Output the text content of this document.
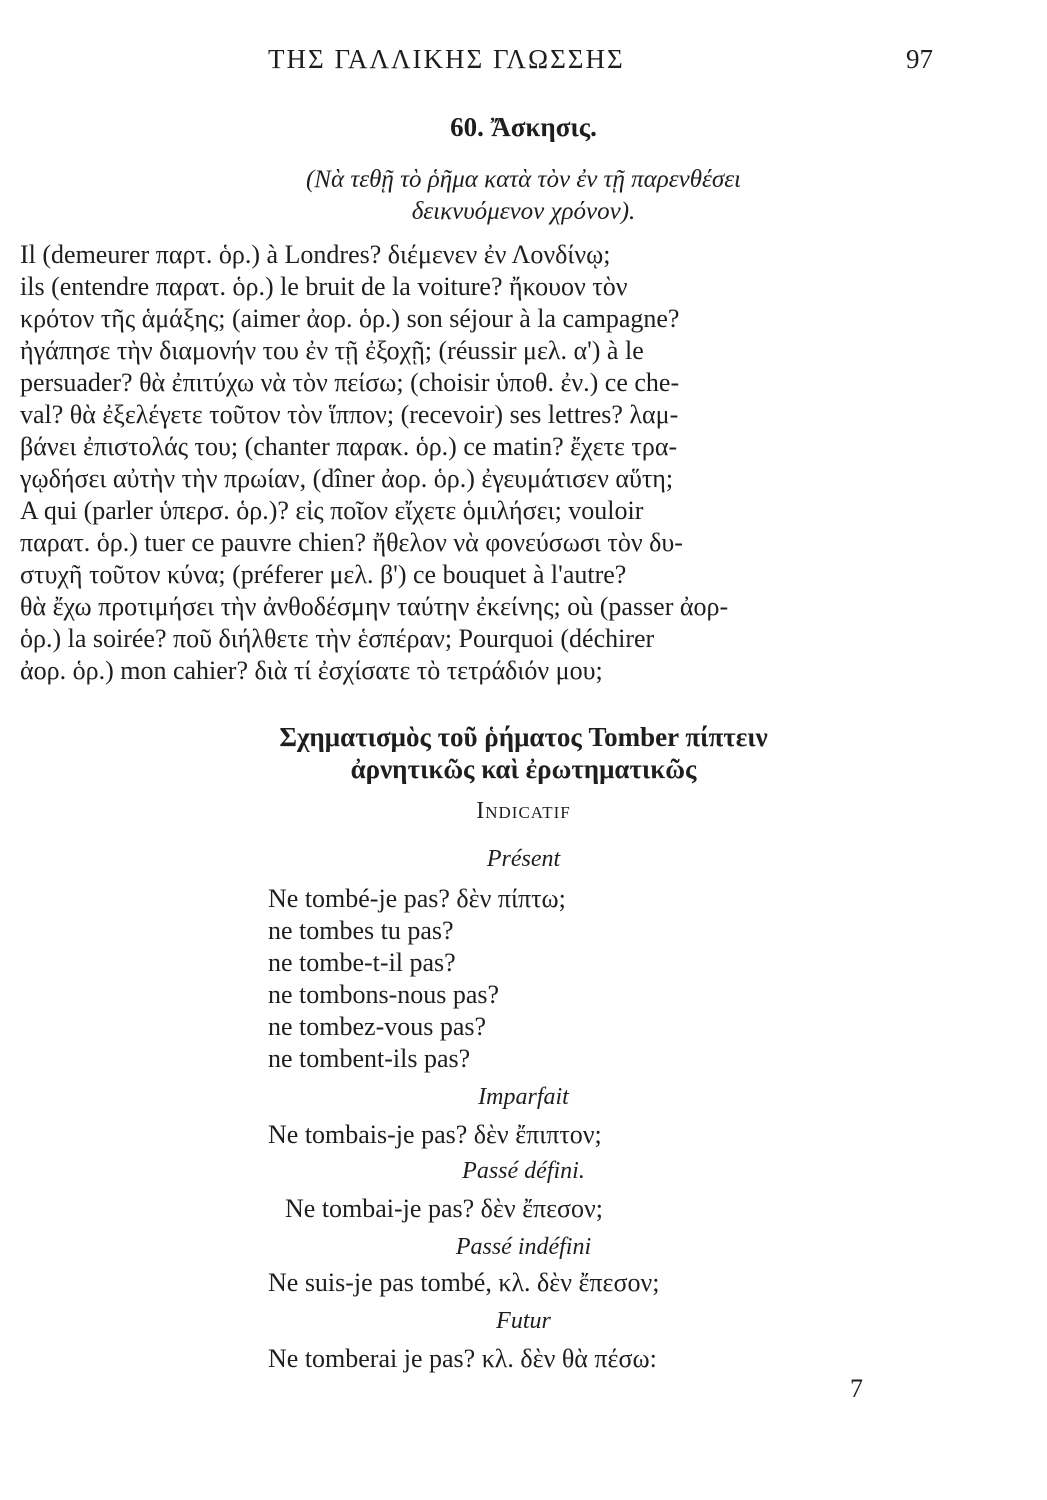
ΤΗΣ ΓΑΛΛΙΚΗΣ ΓΛΩΣΣΗΣ	97
60. Ἄσκησις.
(Νὰ τεθῇ τὸ ῥῆμα κατὰ τὸν ἐν τῇ παρενθέσει
δεικνυόμενον χρόνον).
Il (demeurer παρτ. ὁρ.) à Londres? διέμενεν ἐν Λονδίνῳ;
ils (entendre παρατ. ὁρ.) le bruit de la voiture? ἤκουον τὸν
κρότον τῆς ἁμάξης; (aimer ἀορ. ὁρ.) son séjour à la campagne?
ἠγάπησε τὴν διαμονήν του ἐν τῇ ἐξοχῇ; (réussir μελ. α') à le
persuader? θὰ ἐπιτύχω νὰ τὸν πείσω; (choisir ὑποθ. ἐν.) ce che-
val? θὰ ἐξελέγετε τοῦτον τὸν ἵππον; (recevoir) ses lettres? λαμ-
βάνει ἐπιστολάς του; (chanter παρακ. ὁρ.) ce matin? ἔχετε τρα-
γῳδήσει αὐτὴν τὴν πρωίαν, (dîner ἀορ. ὁρ.) ἐγευμάτισεν αὕτη;
A qui (parler ὑπερσ. ὁρ.)? εἰς ποῖον εἴχετε ὁμιλήσει; vouloir
παρατ. ὁρ.) tuer ce pauvre chien? ἤθελον νὰ φονεύσωσι τὸν δυ-
στυχῆ τοῦτον κύνα; (préferer μελ. β') ce bouquet à l'autre?
θὰ ἔχω προτιμήσει τὴν ἀνθοδέσμην ταύτην ἐκείνης; où (passer ἀορ-
ὁρ.) la soirée? ποῦ διήλθετε τὴν ἑσπέραν; Pourquoi (déchirer
ἀορ. ὁρ.) mon cahier? διὰ τί ἐσχίσατε τὸ τετράδιόν μου;
Σχηματισμὸς τοῦ ῥήματος Tomber πίπτειν
ἀρνητικῶς καὶ ἐρωτηματικῶς
Indicatif
Présent
Ne tombé-je pas? δὲν πίπτω;
ne tombes tu pas?
ne tombe-t-il pas?
ne tombons-nous pas?
ne tombez-vous pas?
ne tombent-ils pas?
Imparfait
Ne tombais-je pas? δὲν ἔπιπτον;
Passé défini.
Ne tombai-je pas? δὲν ἔπεσον;
Passé indéfini
Ne suis-je pas tombé, κλ. δὲν ἔπεσον;
Futur
Ne tomberai je pas? κλ. δὲν θὰ πέσω:
7
